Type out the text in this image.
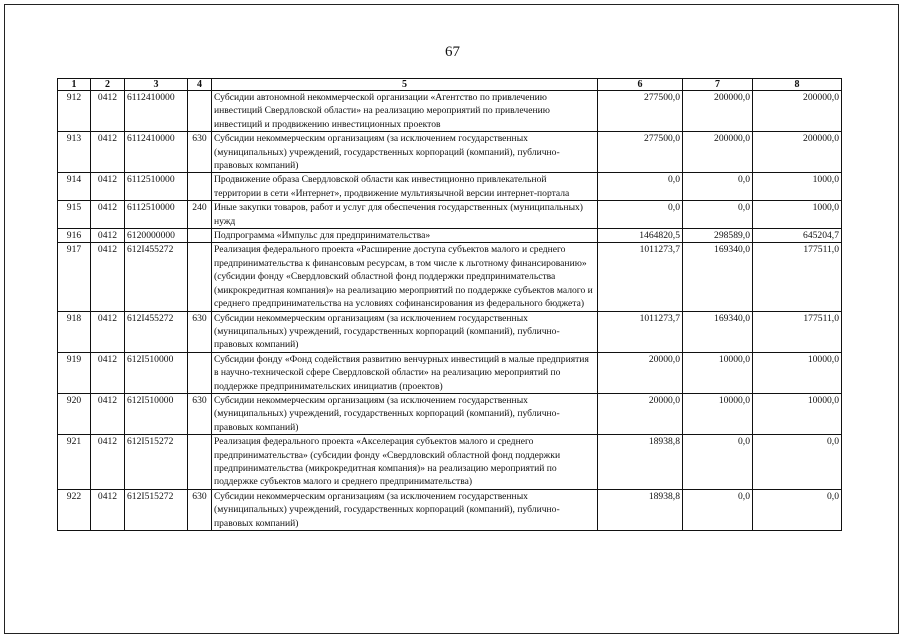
67
1	2	3	4	5	6	7	8
912	0412	6112410000		Субсидии автономной некоммерческой организации «Агентство по привлечению инвестиций Свердловской области» на реализацию мероприятий по привлечению инвестиций и продвижению инвестиционных проектов	277500,0	200000,0	200000,0
913	0412	6112410000	630	Субсидии некоммерческим организациям (за исключением государственных (муниципальных) учреждений, государственных корпораций (компаний), публично-правовых компаний)	277500,0	200000,0	200000,0
914	0412	6112510000		Продвижение образа Свердловской области как инвестиционно привлекательной территории в сети «Интернет», продвижение мультиязычной версии интернет-портала	0,0	0,0	1000,0
915	0412	6112510000	240	Иные закупки товаров, работ и услуг для обеспечения государственных (муниципальных) нужд	0,0	0,0	1000,0
916	0412	6120000000		Подпрограмма «Импульс для предпринимательства»	1464820,5	298589,0	645204,7
917	0412	612I455272		Реализация федерального проекта «Расширение доступа субъектов малого и среднего предпринимательства к финансовым ресурсам, в том числе к льготному финансированию» (субсидии фонду «Свердловский областной фонд поддержки предпринимательства (микрокредитная компания)» на реализацию мероприятий по поддержке субъектов малого и среднего предпринимательства на условиях софинансирования из федерального бюджета)	1011273,7	169340,0	177511,0
918	0412	612I455272	630	Субсидии некоммерческим организациям (за исключением государственных (муниципальных) учреждений, государственных корпораций (компаний), публично-правовых компаний)	1011273,7	169340,0	177511,0
919	0412	612I510000		Субсидии фонду «Фонд содействия развитию венчурных инвестиций в малые предприятия в научно-технической сфере Свердловской области» на реализацию мероприятий по поддержке предпринимательских инициатив (проектов)	20000,0	10000,0	10000,0
920	0412	612I510000	630	Субсидии некоммерческим организациям (за исключением государственных (муниципальных) учреждений, государственных корпораций (компаний), публично-правовых компаний)	20000,0	10000,0	10000,0
921	0412	612I515272		Реализация федерального проекта «Акселерация субъектов малого и среднего предпринимательства» (субсидии фонду «Свердловский областной фонд поддержки предпринимательства (микрокредитная компания)» на реализацию мероприятий по поддержке субъектов малого и среднего предпринимательства)	18938,8	0,0	0,0
922	0412	612I515272	630	Субсидии некоммерческим организациям (за исключением государственных (муниципальных) учреждений, государственных корпораций (компаний), публично-правовых компаний)	18938,8	0,0	0,0
